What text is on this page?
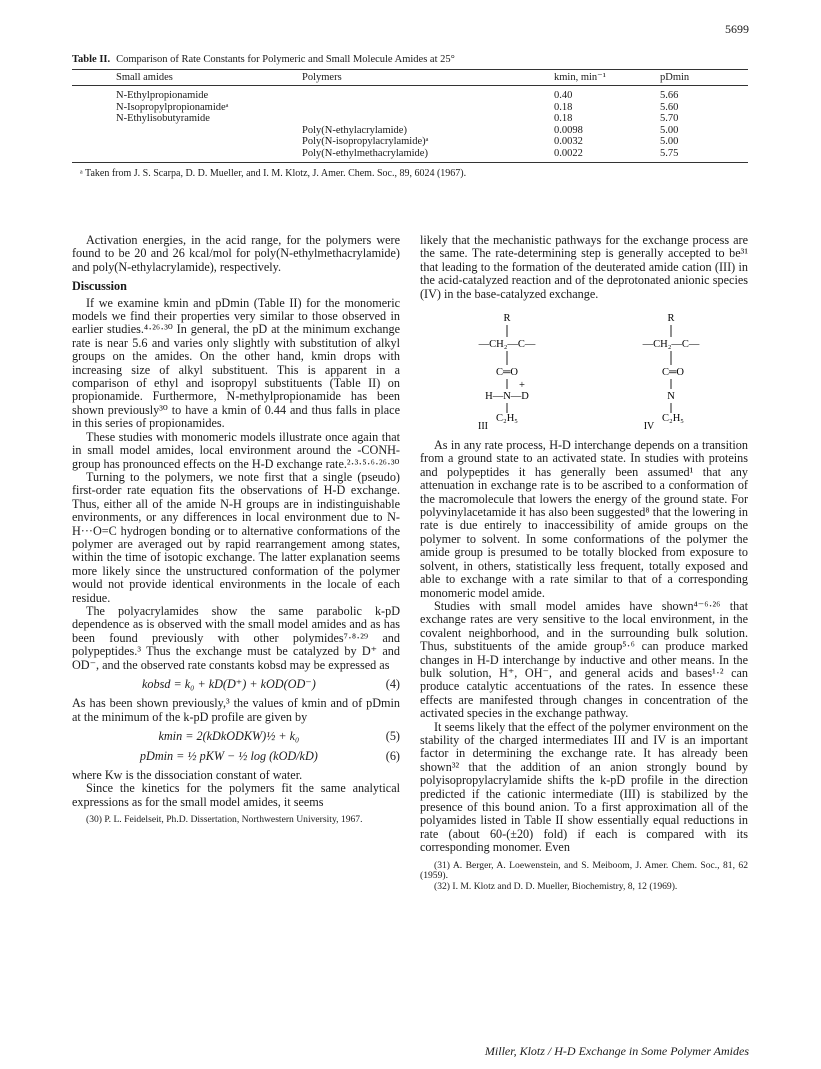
5699
Table II. Comparison of Rate Constants for Polymeric and Small Molecule Amides at 25°
Small amides	Polymers	kmin, min⁻¹	pDmin
N-Ethylpropionamide		0.40	5.66
N-Isopropylpropionamideᵃ		0.18	5.60
N-Ethylisobutyramide		0.18	5.70
	Poly(N-ethylacrylamide)	0.0098	5.00
	Poly(N-isopropylacrylamide)ᵃ	0.0032	5.00
	Poly(N-ethylmethacrylamide)	0.0022	5.75
ᵃ Taken from J. S. Scarpa, D. D. Mueller, and I. M. Klotz, J. Amer. Chem. Soc., 89, 6024 (1967).

Activation energies, in the acid range, for the polymers were found to be 20 and 26 kcal/mol for poly(N-ethylmethacrylamide) and poly(N-ethylacrylamide), respectively.

Discussion

If we examine kmin and pDmin (Table II) for the monomeric models we find their properties very similar to those observed in earlier studies.⁴·²⁶·³⁰ In general, the pD at the minimum exchange rate is near 5.6 and varies only slightly with substitution of alkyl groups on the amides. On the other hand, kmin drops with increasing size of alkyl substituent. This is apparent in a comparison of ethyl and isopropyl substituents (Table II) on propionamide. Furthermore, N-methylpropionamide has been shown previously³⁰ to have a kmin of 0.44 and thus falls in place in this series of propionamides.

These studies with monomeric models illustrate once again that in small model amides, local environment around the -CONH- group has pronounced effects on the H-D exchange rate.²·³·⁵·⁶·²⁶·³⁰

Turning to the polymers, we note first that a single (pseudo) first-order rate equation fits the observations of H-D exchange. Thus, either all of the amide N-H groups are in indistinguishable environments, or any differences in local environment due to N-H···O=C hydrogen bonding or to alternative conformations of the polymer are averaged out by rapid rearrangement among states, within the time of isotopic exchange. The latter explanation seems more likely since the unstructured conformation of the polymer would not provide identical environments in the locale of each residue.

The polyacrylamides show the same parabolic k-pD dependence as is observed with the small model amides and as has been found previously with other polymides⁷·⁸·²⁹ and polypeptides.³ Thus the exchange must be catalyzed by D⁺ and OD⁻, and the observed rate constants kobsd may be expressed as

kobsd = k₀ + kD(D⁺) + kOD(OD⁻)	(4)

As has been shown previously,³ the values of kmin and of pDmin at the minimum of the k-pD profile are given by

kmin = 2(kDkODKW)½ + k₀	(5)
pDmin = ½ pKW − ½ log (kOD/kD)	(6)

where Kw is the dissociation constant of water.

Since the kinetics for the polymers fit the same analytical expressions as for the small model amides, it seems

(30) P. L. Feidelseit, Ph.D. Dissertation, Northwestern University, 1967.

likely that the mechanistic pathways for the exchange process are the same. The rate-determining step is generally accepted to be³¹ that leading to the formation of the deuterated amide cation (III) in the acid-catalyzed reaction and of the deprotonated anionic species (IV) in the base-catalyzed exchange.

R
—CH₂—C—
C═O
+
H—N—D
C₂H₅
III
R
—CH₂—C—
C═O
N
C₂H₅
IV

As in any rate process, H-D interchange depends on a transition from a ground state to an activated state. In studies with proteins and polypeptides it has generally been assumed¹ that any attenuation in exchange rate is to be ascribed to a conformation of the macromolecule that lowers the energy of the ground state. For polyvinylacetamide it has also been suggested⁸ that the lowering in rate is due entirely to inaccessibility of amide groups on the polymer to solvent. In some conformations of the polymer the amide group is presumed to be totally blocked from exposure to solvent, in others, statistically less frequent, totally exposed and able to exchange with a rate similar to that of a corresponding monomeric model amide.

Studies with small model amides have shown⁴⁻⁶·²⁶ that exchange rates are very sensitive to the local environment, in the covalent neighborhood, and in the surrounding bulk solution. Thus, substituents of the amide group⁵·⁶ can produce marked changes in H-D interchange by inductive and other means. In the bulk solution, H⁺, OH⁻, and general acids and bases¹·² can produce catalytic accentuations of the rates. In essence these effects are manifested through changes in concentration of the activated species in the exchange pathway.

It seems likely that the effect of the polymer environment on the stability of the charged intermediates III and IV is an important factor in determining the exchange rate. It has already been shown³² that the addition of an anion strongly bound by polyisopropylacrylamide shifts the k-pD profile in the direction predicted if the cationic intermediate (III) is stabilized by the presence of this bound anion. To a first approximation all of the polyamides listed in Table II show essentially equal reductions in rate (about 60-(±20) fold) if each is compared with its corresponding monomer. Even

(31) A. Berger, A. Loewenstein, and S. Meiboom, J. Amer. Chem. Soc., 81, 62 (1959).

(32) I. M. Klotz and D. D. Mueller, Biochemistry, 8, 12 (1969).

Miller, Klotz / H-D Exchange in Some Polymer Amides
